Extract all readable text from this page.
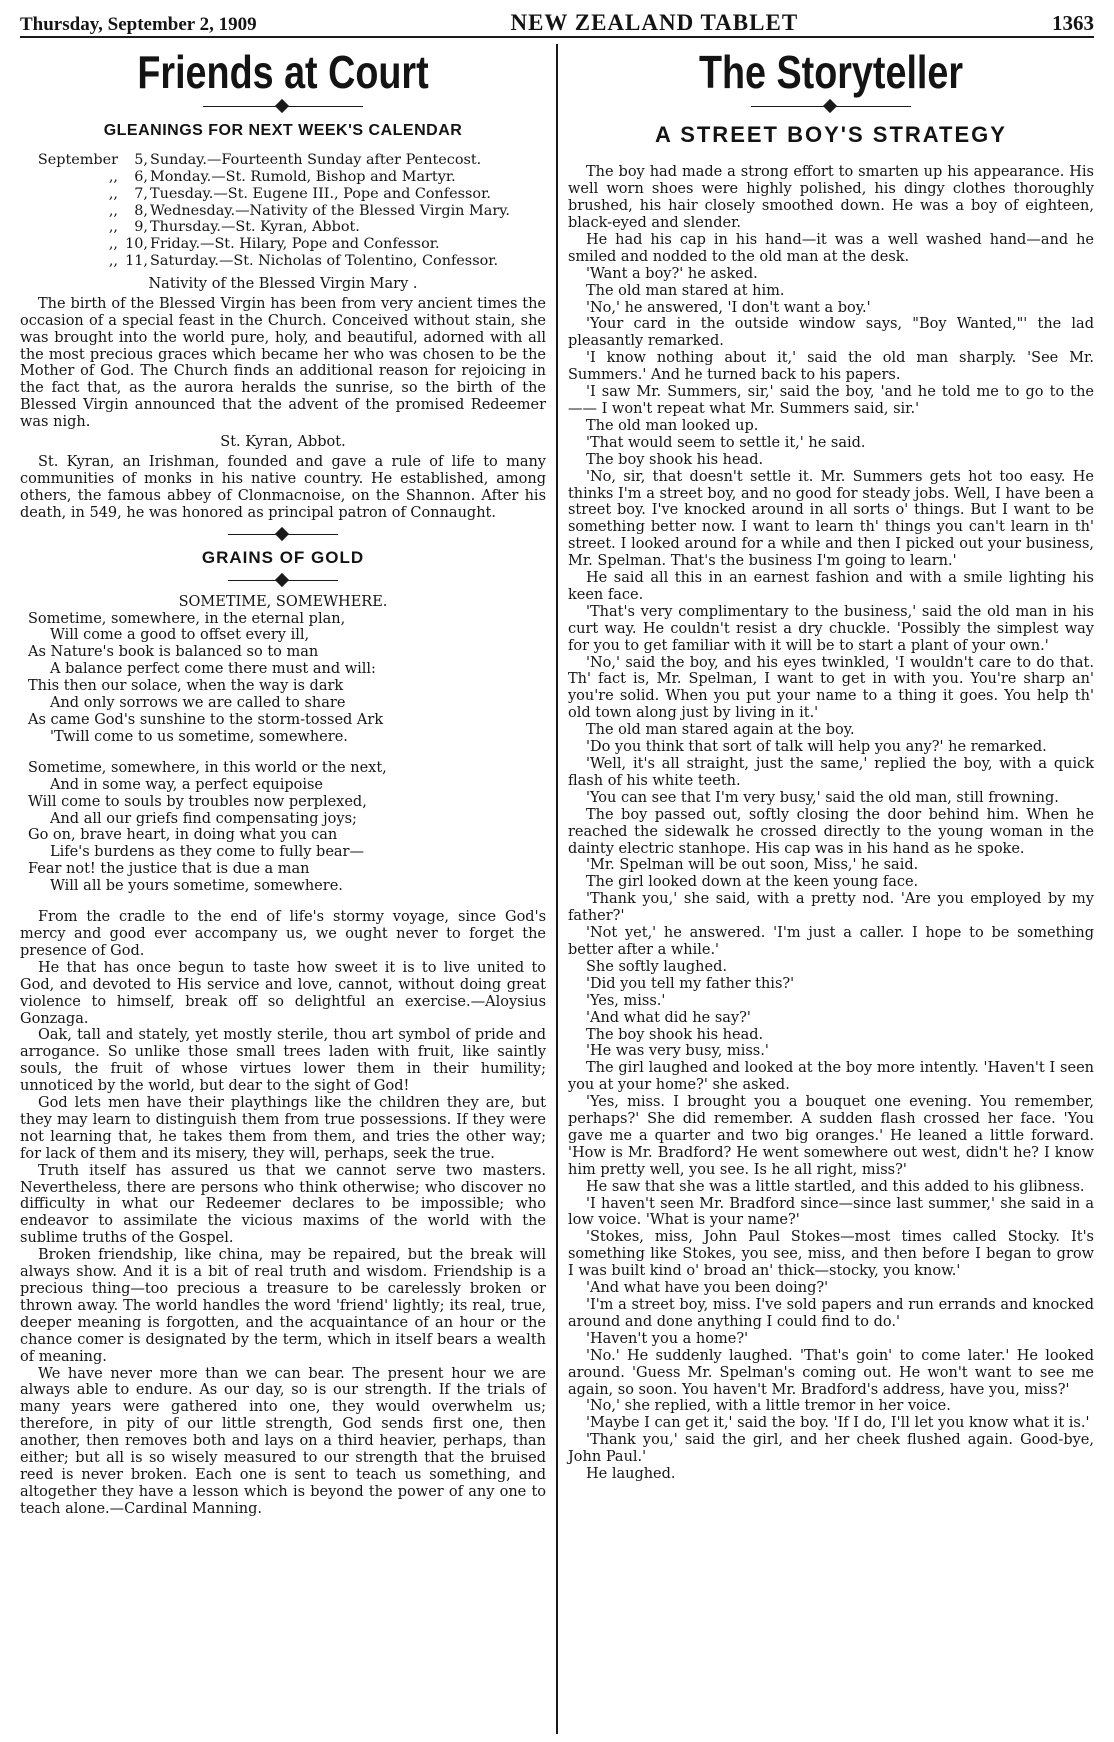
Thursday, September 2, 1909	NEW ZEALAND TABLET	1363
Friends at Court
GLEANINGS FOR NEXT WEEK'S CALENDAR
September	5, Sunday.—Fourteenth Sunday after Pentecost.
,,	6, Monday.—St. Rumold, Bishop and Martyr.
,,	7, Tuesday.—St. Eugene III., Pope and Confessor.
,,	8, Wednesday.—Nativity of the Blessed Virgin Mary.
,,	9, Thursday.—St. Kyran, Abbot.
,, 10, Friday.—St. Hilary, Pope and Confessor.
,, 11, Saturday.—St. Nicholas of Tolentino, Confessor.

Nativity of the Blessed Virgin Mary .

The birth of the Blessed Virgin has been from very ancient times the occasion of a special feast in the Church. Conceived without stain, she was brought into the world pure, holy, and beautiful, adorned with all the most precious graces which became her who was chosen to be the Mother of God. The Church finds an additional reason for rejoicing in the fact that, as the aurora heralds the sunrise, so the birth of the Blessed Virgin announced that the advent of the promised Redeemer was nigh.

St. Kyran, Abbot.

St. Kyran, an Irishman, founded and gave a rule of life to many communities of monks in his native country. He established, among others, the famous abbey of Clonmacnoise, on the Shannon. After his death, in 549, he was honored as principal patron of Connaught.

GRAINS OF GOLD
SOMETIME, SOMEWHERE.
Sometime, somewhere, in the eternal plan,
Will come a good to offset every ill,
As Nature's book is balanced so to man
A balance perfect come there must and will:
This then our solace, when the way is dark
And only sorrows we are called to share
As came God's sunshine to the storm-tossed Ark
'Twill come to us sometime, somewhere.
Sometime, somewhere, in this world or the next,
And in some way, a perfect equipoise
Will come to souls by troubles now perplexed,
And all our griefs find compensating joys;
Go on, brave heart, in doing what you can
Life's burdens as they come to fully bear—
Fear not! the justice that is due a man
Will all be yours sometime, somewhere.

From the cradle to the end of life's stormy voyage, since God's mercy and good ever accompany us, we ought never to forget the presence of God.

He that has once begun to taste how sweet it is to live united to God, and devoted to His service and love, cannot, without doing great violence to himself, break off so delightful an exercise.—Aloysius Gonzaga.

Oak, tall and stately, yet mostly sterile, thou art symbol of pride and arrogance. So unlike those small trees laden with fruit, like saintly souls, the fruit of whose virtues lower them in their humility; unnoticed by the world, but dear to the sight of God!

God lets men have their playthings like the children they are, but they may learn to distinguish them from true possessions. If they were not learning that, he takes them from them, and tries the other way; for lack of them and its misery, they will, perhaps, seek the true.

Truth itself has assured us that we cannot serve two masters. Nevertheless, there are persons who think otherwise; who discover no difficulty in what our Redeemer declares to be impossible; who endeavor to assimilate the vicious maxims of the world with the sublime truths of the Gospel.

Broken friendship, like china, may be repaired, but the break will always show. And it is a bit of real truth and wisdom. Friendship is a precious thing—too precious a treasure to be carelessly broken or thrown away. The world handles the word 'friend' lightly; its real, true, deeper meaning is forgotten, and the acquaintance of an hour or the chance comer is designated by the term, which in itself bears a wealth of meaning.

We have never more than we can bear. The present hour we are always able to endure. As our day, so is our strength. If the trials of many years were gathered into one, they would overwhelm us; therefore, in pity of our little strength, God sends first one, then another, then removes both and lays on a third heavier, perhaps, than either; but all is so wisely measured to our strength that the bruised reed is never broken. Each one is sent to teach us something, and altogether they have a lesson which is beyond the power of any one to teach alone.—Cardinal Manning.

The Storyteller
A STREET BOY'S STRATEGY

The boy had made a strong effort to smarten up his appearance. His well worn shoes were highly polished, his dingy clothes thoroughly brushed, his hair closely smoothed down. He was a boy of eighteen, black-eyed and slender.

He had his cap in his hand—it was a well washed hand—and he smiled and nodded to the old man at the desk.

'Want a boy?' he asked.

The old man stared at him.

'No,' he answered, 'I don't want a boy.'

'Your card in the outside window says, "Boy Wanted,"' the lad pleasantly remarked.

'I know nothing about it,' said the old man sharply. 'See Mr. Summers.' And he turned back to his papers.

'I saw Mr. Summers, sir,' said the boy, 'and he told me to go to the—— I won't repeat what Mr. Summers said, sir.'

The old man looked up.

'That would seem to settle it,' he said.

The boy shook his head.

'No, sir, that doesn't settle it. Mr. Summers gets hot too easy. He thinks I'm a street boy, and no good for steady jobs. Well, I have been a street boy. I've knocked around in all sorts o' things. But I want to be something better now. I want to learn th' things you can't learn in th' street. I looked around for a while and then I picked out your business, Mr. Spelman. That's the business I'm going to learn.'

He said all this in an earnest fashion and with a smile lighting his keen face.

'That's very complimentary to the business,' said the old man in his curt way. He couldn't resist a dry chuckle. 'Possibly the simplest way for you to get familiar with it will be to start a plant of your own.'

'No,' said the boy, and his eyes twinkled, 'I wouldn't care to do that. Th' fact is, Mr. Spelman, I want to get in with you. You're sharp an' you're solid. When you put your name to a thing it goes. You help th' old town along just by living in it.'

The old man stared again at the boy.

'Do you think that sort of talk will help you any?' he remarked.

'Well, it's all straight, just the same,' replied the boy, with a quick flash of his white teeth.

'You can see that I'm very busy,' said the old man, still frowning.

The boy passed out, softly closing the door behind him. When he reached the sidewalk he crossed directly to the young woman in the dainty electric stanhope. His cap was in his hand as he spoke.

'Mr. Spelman will be out soon, Miss,' he said.

The girl looked down at the keen young face.

'Thank you,' she said, with a pretty nod. 'Are you employed by my father?'

'Not yet,' he answered. 'I'm just a caller. I hope to be something better after a while.'

She softly laughed.

'Did you tell my father this?'

'Yes, miss.'

'And what did he say?'

The boy shook his head.

'He was very busy, miss.'

The girl laughed and looked at the boy more intently. 'Haven't I seen you at your home?' she asked.

'Yes, miss. I brought you a bouquet one evening. You remember, perhaps?' She did remember. A sudden flash crossed her face. 'You gave me a quarter and two big oranges.' He leaned a little forward. 'How is Mr. Bradford? He went somewhere out west, didn't he? I know him pretty well, you see. Is he all right, miss?'

He saw that she was a little startled, and this added to his glibness.

'I haven't seen Mr. Bradford since—since last summer,' she said in a low voice. 'What is your name?'

'Stokes, miss, John Paul Stokes—most times called Stocky. It's something like Stokes, you see, miss, and then before I began to grow I was built kind o' broad an' thick—stocky, you know.'

'And what have you been doing?'

'I'm a street boy, miss. I've sold papers and run errands and knocked around and done anything I could find to do.'

'Haven't you a home?'

'No.' He suddenly laughed. 'That's goin' to come later.' He looked around. 'Guess Mr. Spelman's coming out. He won't want to see me again, so soon. You haven't Mr. Bradford's address, have you, miss?'

'No,' she replied, with a little tremor in her voice.

'Maybe I can get it,' said the boy. 'If I do, I'll let you know what it is.'

'Thank you,' said the girl, and her cheek flushed again. Good-bye, John Paul.'

He laughed.
